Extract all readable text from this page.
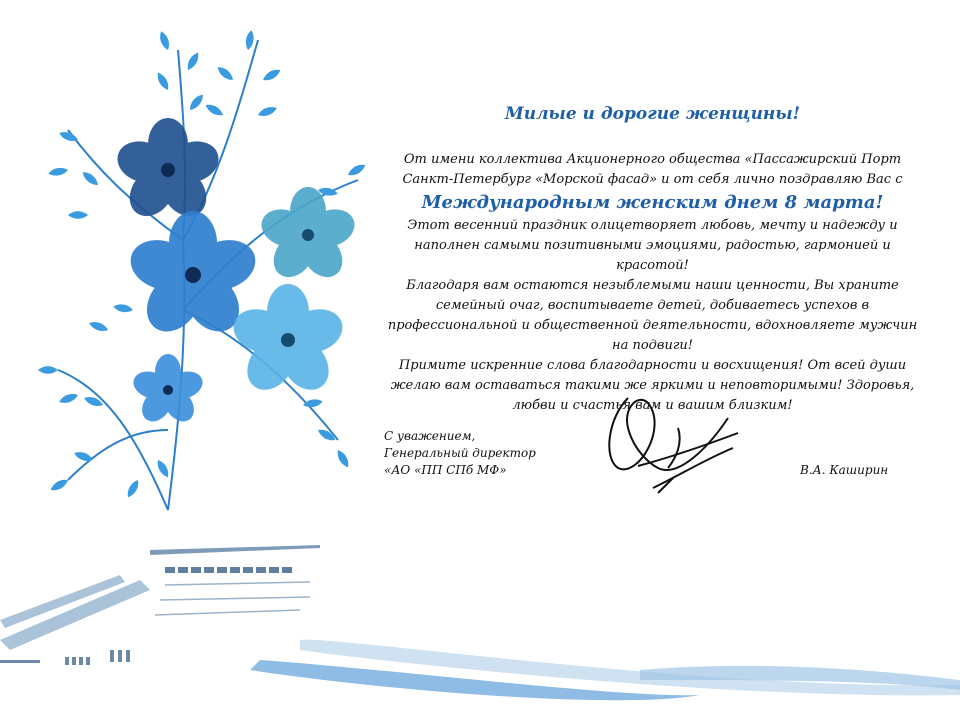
Милые и дорогие женщины!

От имени коллектива Акционерного общества «Пассажирский Порт Санкт-Петербург «Морской фасад» и от себя лично поздравляю Вас с

Международным женским днем 8 марта!

Этот весенний праздник олицетворяет любовь, мечту и надежду и наполнен самыми позитивными эмоциями, радостью, гармонией и красотой!

Благодаря вам остаются незыблемыми наши ценности, Вы храните семейный очаг, воспитываете детей, добиваетесь успехов в профессиональной и общественной деятельности, вдохновляете мужчин на подвиги!

Примите искренние слова благодарности и восхищения! От всей души желаю вам оставаться такими же яркими и неповторимыми! Здоровья, любви и счастья вам и вашим близким!

С уважением,
Генеральный директор
«АО «ПП СПб МФ»	В.А. Каширин
